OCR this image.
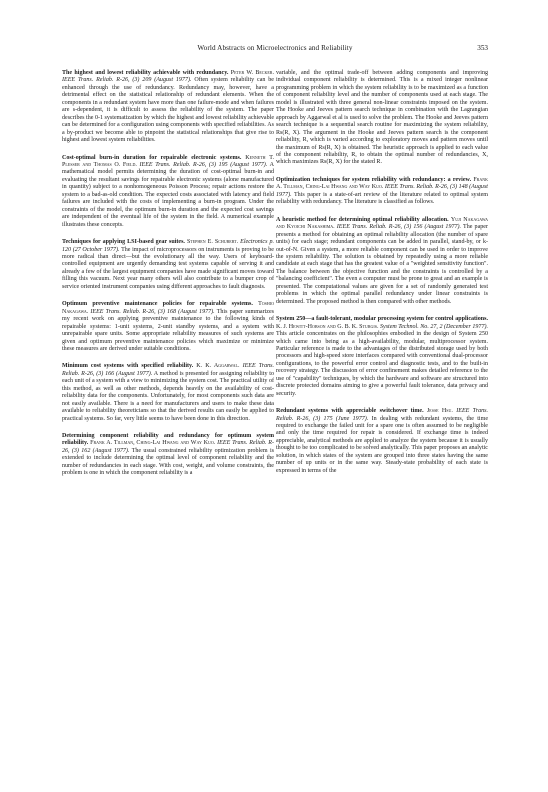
World Abstracts on Microelectronics and Reliability	353

The highest and lowest reliability achievable with redundancy. Peter W. Becker. IEEE Trans. Reliab. R-26, (3) 209 (August 1977). Often system reliability can be enhanced through the use of redundancy. Redundancy may, however, have a detrimental effect on the statistical relationship of redundant elements. When the components in a redundant system have more than one failure-mode and when failures are s-dependent, it is difficult to assess the reliability of the system. The paper describes the 0-1 systematization by which the highest and lowest reliability achievable can be determined for a configuration using components with specified reliabilities. As a by-product we become able to pinpoint the statistical relationships that give rise to highest and lowest system reliabilities.

Cost-optimal burn-in duration for repairable electronic systems. Kenneth T. Plesser and Thomas O. Field. IEEE Trans. Reliab. R-26, (3) 195 (August 1977). A mathematical model permits determining the duration of cost-optimal burn-in and evaluating the resultant savings for repairable electronic systems (alone manufactured in quantity) subject to a nonhomogeneous Poisson Process; repair actions restore the system to a bad-as-old condition. The expected costs associated with latency and field failures are included with the costs of implementing a burn-in program. Under the constraints of the model, the optimum burn-in duration and the expected cost savings are independent of the eventual life of the system in the field. A numerical example illustrates these concepts.

Techniques for applying LSI-based gear suites. Stephen E. Schubert. Electronics p. 120 (27 October 1977). The impact of microprocessors on instruments is proving to be more radical than direct—but the evolutionary all the way. Users of keyboard-controlled equipment are urgently demanding test systems capable of serving it and already a few of the largest equipment companies have made significant moves toward filling this vacuum. Next year many others will also contribute to a bumper crop of service oriented instrument companies using different approaches to fault diagnosis.

Optimum preventive maintenance policies for repairable systems. Toshio Nakagawa. IEEE Trans. Reliab. R-26, (3) 168 (August 1977). This paper summarizes my recent work on applying preventive maintenance to the following kinds of repairable systems: 1-unit systems, 2-unit standby systems, and a system with unrepairable spare units. Some appropriate reliability measures of such systems are given and optimum preventive maintenance policies which maximize or minimize these measures are derived under suitable conditions.

Minimum cost systems with specified reliability. K. K. Aggarwal. IEEE Trans. Reliab. R-26, (3) 166 (August 1977). A method is presented for assigning reliability to each unit of a system with a view to minimizing the system cost. The practical utility of this method, as well as other methods, depends heavily on the availability of cost-reliability data for the components. Unfortunately, for most components such data are not easily available. There is a need for manufacturers and users to make these data available to reliability theoreticians so that the derived results can easily be applied to practical systems. So far, very little seems to have been done in this direction.

Determining component reliability and redundancy for optimum system reliability. Frank A. Tillman, Ching-Lai Hwang and Way Kuo. IEEE Trans. Reliab. R-26, (3) 162 (August 1977). The usual constrained reliability optimization problem is extended to include determining the optimal level of component reliability and the number of redundancies in each stage. With cost, weight, and volume constraints, the problem is one in which the component reliability is a

variable, and the optimal trade-off between adding components and improving individual component reliability is determined. This is a mixed integer nonlinear programming problem in which the system reliability is to be maximized as a function of component reliability level and the number of components used at each stage. The model is illustrated with three general non-linear constraints imposed on the system. The Hooke and Jeeves pattern search technique in combination with the Lagrangian approach by Aggarwal et al is used to solve the problem. The Hooke and Jeeves pattern search technique is a sequential search routine for maximizing the system reliability, Rs(R, X). The argument in the Hooke and Jeeves pattern search is the component reliability, R, which is varied according to exploratory moves and pattern moves until the maximum of Rs(R, X) is obtained. The heuristic approach is applied to each value of the component reliability, R, to obtain the optimal number of redundancies, X, which maximizes Rs(R, X) for the stated R.

Optimization techniques for system reliability with redundancy: a review. Frank A. Tillman, Ching-Lai Hwang and Way Kuo. IEEE Trans. Reliab. R-26, (3) 148 (August 1977). This paper is a state-of-art review of the literature related to optimal system reliability with redundancy. The literature is classified as follows.

A heuristic method for determining optimal reliability allocation. Yuji Nakagawa and Kyoichi Nakashima. IEEE Trans. Reliab. R-26, (3) 156 (August 1977). The paper presents a method for obtaining an optimal reliability allocation (the number of spare units) for each stage; redundant components can be added in parallel, stand-by, or k-out-of-N. Given a system, a more reliable component can be used in order to improve the system reliability. The solution is obtained by repeatedly using a more reliable candidate at each stage that has the greatest value of a "weighted sensitivity function". The balance between the objective function and the constraints is controlled by a "balancing coefficient". The even a computer must be prone to great and an example is presented. The computational values are given for a set of randomly generated test problems in which the optimal parallel redundancy under linear constraints is determined. The proposed method is then compared with other methods.

System 250—a fault-tolerant, modular processing system for control applications. K. J. Hewitt-Hobson and G. B. K. Sturgis. System Technol. No. 27, 2 (December 1977). This article concentrates on the philosophies embodied in the design of System 250 which came into being as a high-availability, modular, multiprocessor system. Particular reference is made to the advantages of the distributed storage used by both processors and high-speed store interfaces compared with conventional dual-processor configurations, to the powerful error control and diagnostic tests, and to the built-in recovery strategy. The discussion of error confinement makes detailed reference to the use of "capability" techniques, by which the hardware and software are structured into discrete protected domains aiming to give a powerful fault tolerance, data privacy and security.

Redundant systems with appreciable switchover time. Jesse Hsu. IEEE Trans. Reliab. R-26, (3) 175 (June 1977). In dealing with redundant systems, the time required to exchange the failed unit for a spare one is often assumed to be negligible and only the time required for repair is considered. If exchange time is indeed appreciable, analytical methods are applied to analyze the system because it is usually thought to be too complicated to be solved analytically. This paper proposes an analytic solution, in which states of the system are grouped into three states having the same number of up units or in the same way. Steady-state probability of each state is expressed in terms of the
